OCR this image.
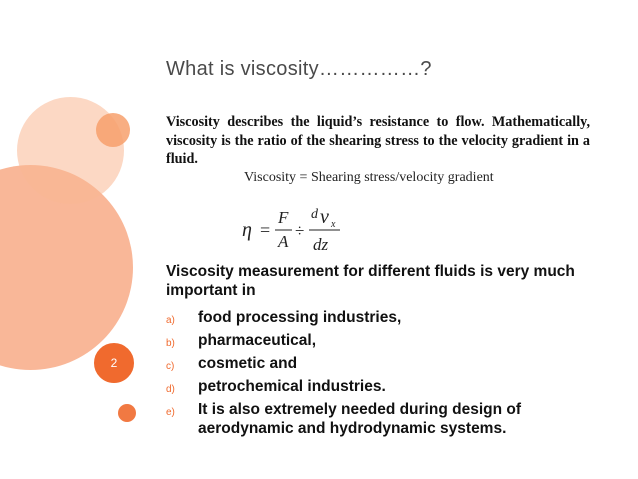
2
What is viscosity……………?
Viscosity describes the liquid’s resistance to flow. Mathematically, viscosity is the ratio of the shearing stress to the velocity gradient in a fluid.
Viscosity = Shearing stress/velocity gradient
η =
F
A
÷
d v x
dz
Viscosity measurement for different fluids is very much important in
a) food processing industries,
b) pharmaceutical,
c) cosmetic and
d) petrochemical industries.
e) It is also extremely needed during design of aerodynamic and hydrodynamic systems.
